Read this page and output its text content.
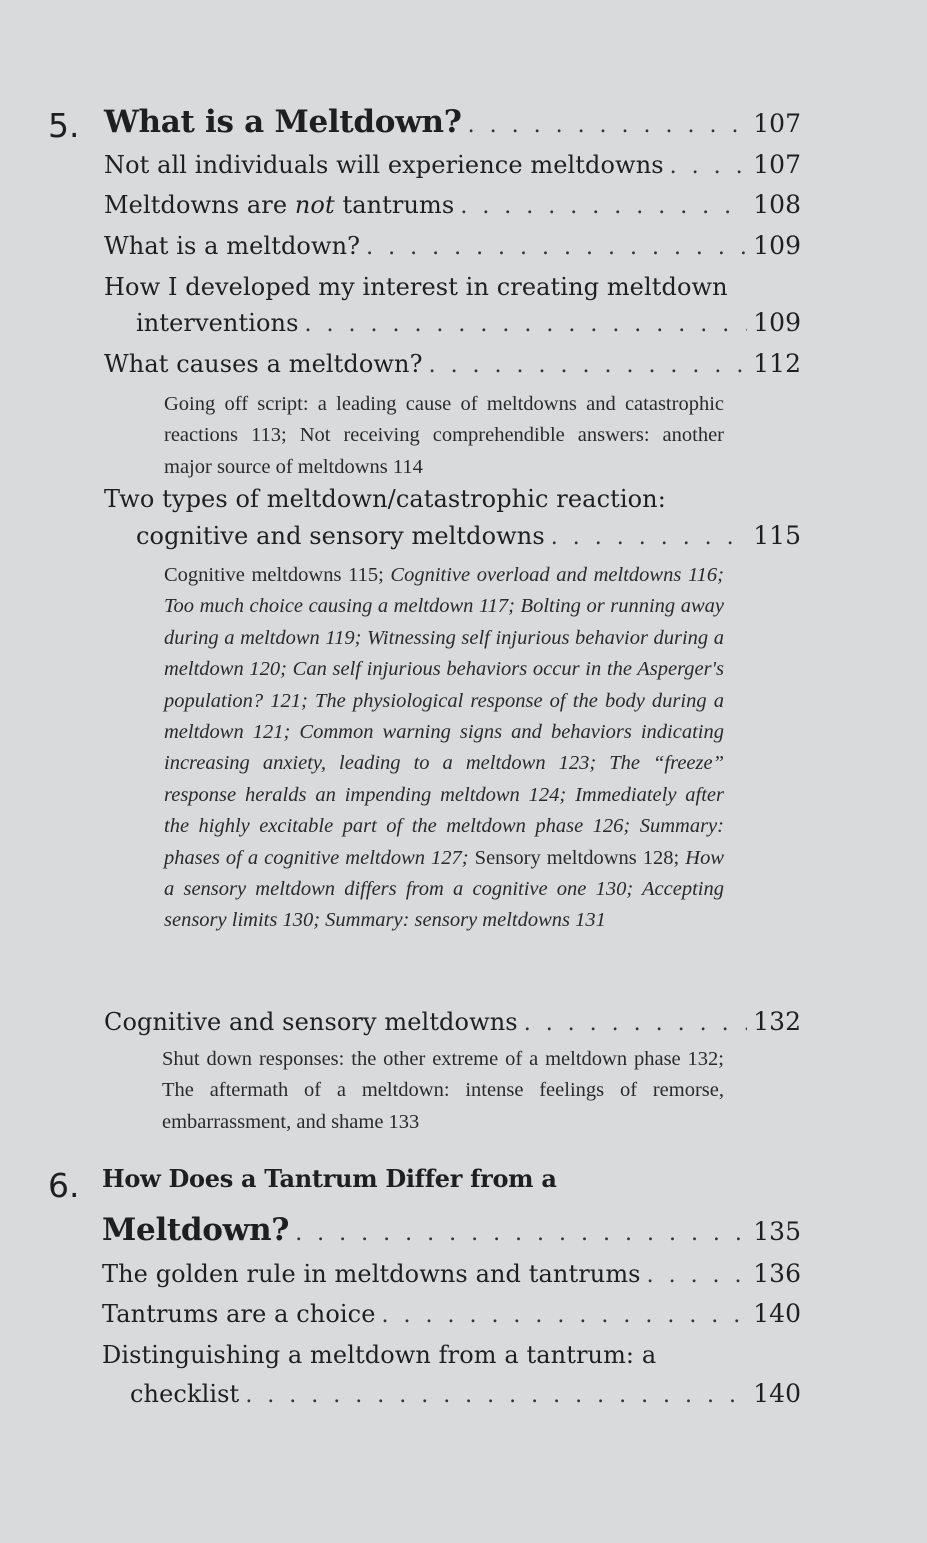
5. What is a Meltdown? . . .	107
Not all individuals will experience meltdowns . . .	107
Meltdowns are not tantrums . . .	108
What is a meltdown? . . .	109
How I developed my interest in creating meltdown
interventions . . .	109
What causes a meltdown? . . .	112
Going off script: a leading cause of meltdowns and catastrophic reactions 113; Not receiving comprehendible answers: another major source of meltdowns 114
Two types of meltdown/catastrophic reaction:
cognitive and sensory meltdowns . . .	115
Cognitive meltdowns 115; Cognitive overload and meltdowns 116; Too much choice causing a meltdown 117; Bolting or running away during a meltdown 119; Witnessing self injurious behavior during a meltdown 120; Can self injurious behaviors occur in the Asperger's population? 121; The physiological response of the body during a meltdown 121; Common warning signs and behaviors indicating increasing anxiety, leading to a meltdown 123; The “freeze” response heralds an impending meltdown 124; Immediately after the highly excitable part of the meltdown phase 126; Summary: phases of a cognitive meltdown 127; Sensory meltdowns 128; How a sensory meltdown differs from a cognitive one 130; Accepting sensory limits 130; Summary: sensory meltdowns 131
Cognitive and sensory meltdowns . . .	132
Shut down responses: the other extreme of a meltdown phase 132; The aftermath of a meltdown: intense feelings of remorse, embarrassment, and shame 133
6. How Does a Tantrum Differ from a
Meltdown? . . .	135
The golden rule in meltdowns and tantrums . . .	136
Tantrums are a choice . . .	140
Distinguishing a meltdown from a tantrum: a
checklist . . .	140
